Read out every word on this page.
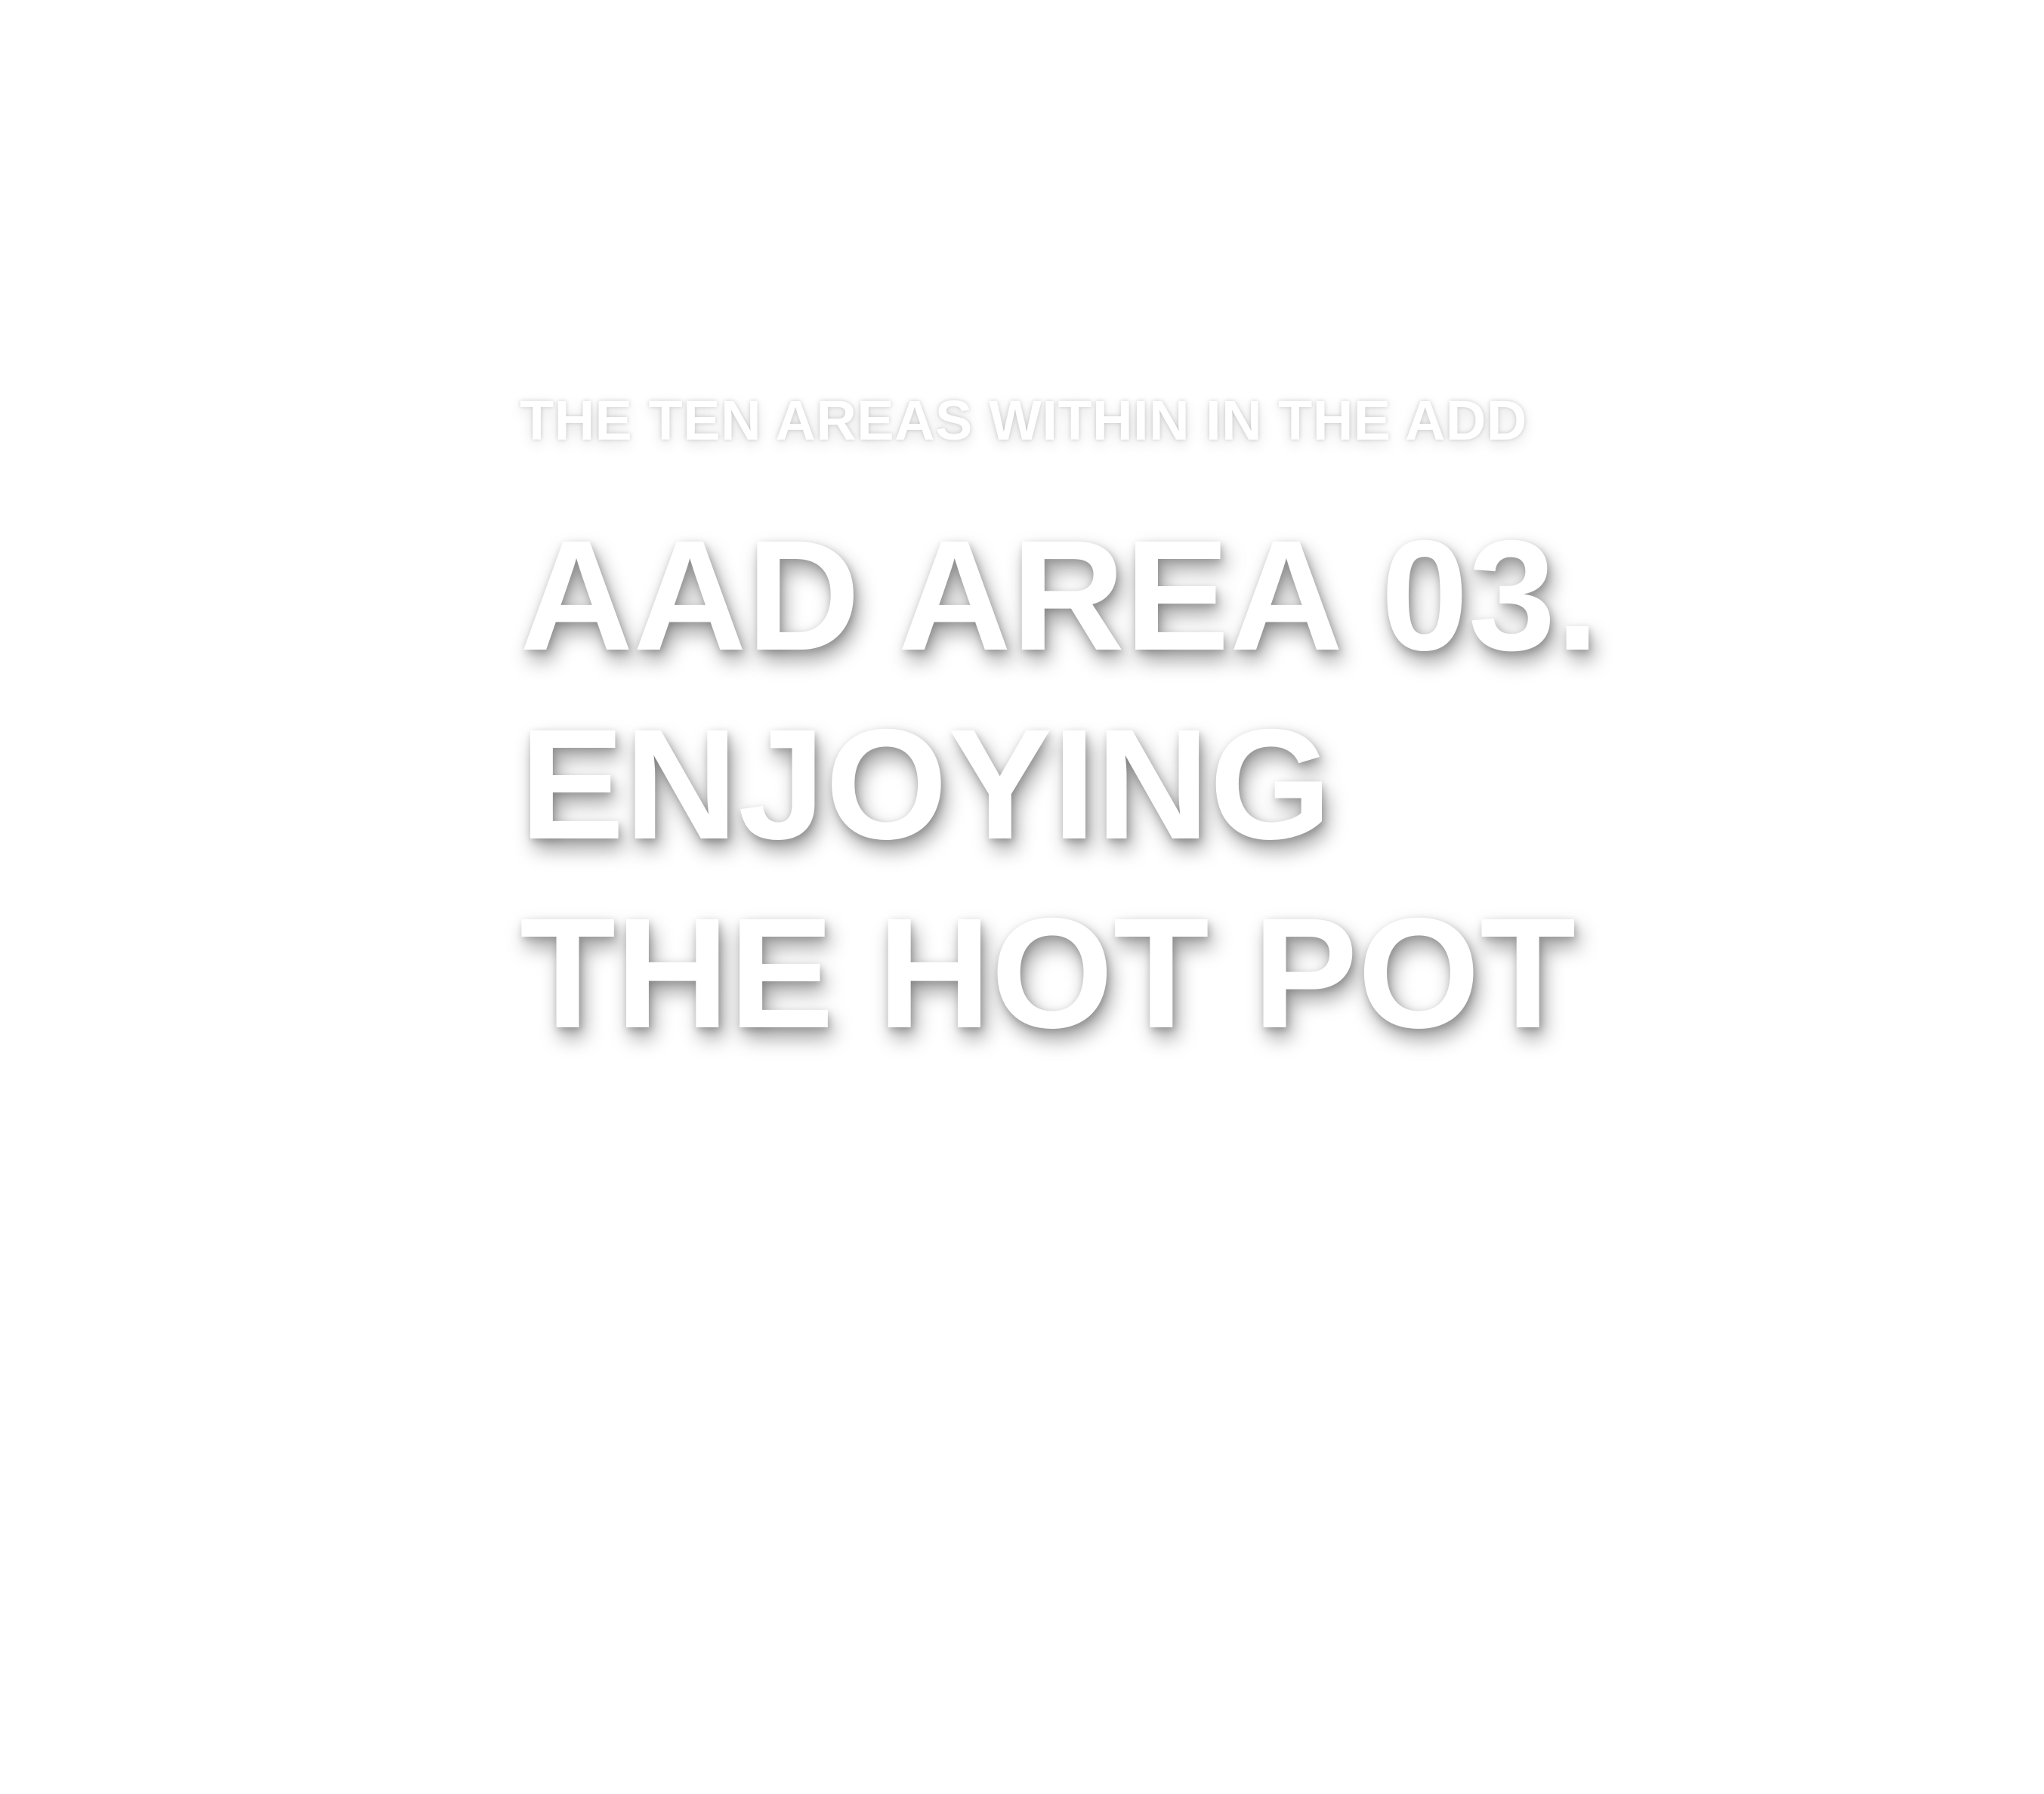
THE TEN AREAS WITHIN IN THE ADD

AAD AREA 03.
ENJOYING
THE HOT POT
